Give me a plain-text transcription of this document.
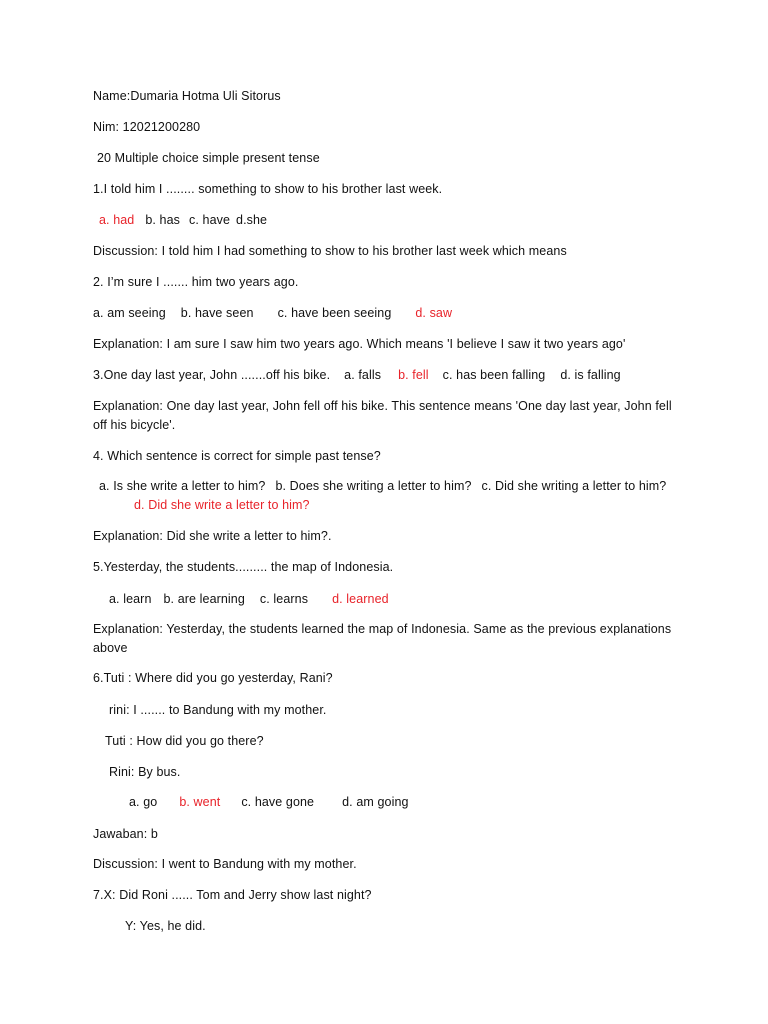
Name:Dumaria Hotma Uli Sitorus
Nim: 12021200280
20 Multiple choice simple present tense
1.I told him I ........ something to show to his brother last week.
a. had b. has c. have d.she
Discussion: I told him I had something to show to his brother last week which means
2. I’m sure I ....... him two years ago.
a. am seeing b. have seen c. have been seeing d. saw
Explanation: I am sure I saw him two years ago. Which means 'I believe I saw it two years ago'
3.One day last year, John .......off his bike. a. falls b. fell c. has been falling d. is falling
Explanation: One day last year, John fell off his bike. This sentence means 'One day last year, John fell off his bicycle'.
4. Which sentence is correct for simple past tense?
a. Is she write a letter to him? b. Does she writing a letter to him? c. Did she writing a letter to him?
d. Did she write a letter to him?
Explanation: Did she write a letter to him?.
5.Yesterday, the students......... the map of Indonesia.
a. learn b. are learning c. learns d. learned
Explanation: Yesterday, the students learned the map of Indonesia. Same as the previous explanations above
6.Tuti : Where did you go yesterday, Rani?
rini: I ....... to Bandung with my mother.
Tuti : How did you go there?
Rini: By bus.
a. go b. went c. have gone d. am going
Jawaban: b
Discussion: I went to Bandung with my mother.
7.X: Did Roni ...... Tom and Jerry show last night?
Y: Yes, he did.
